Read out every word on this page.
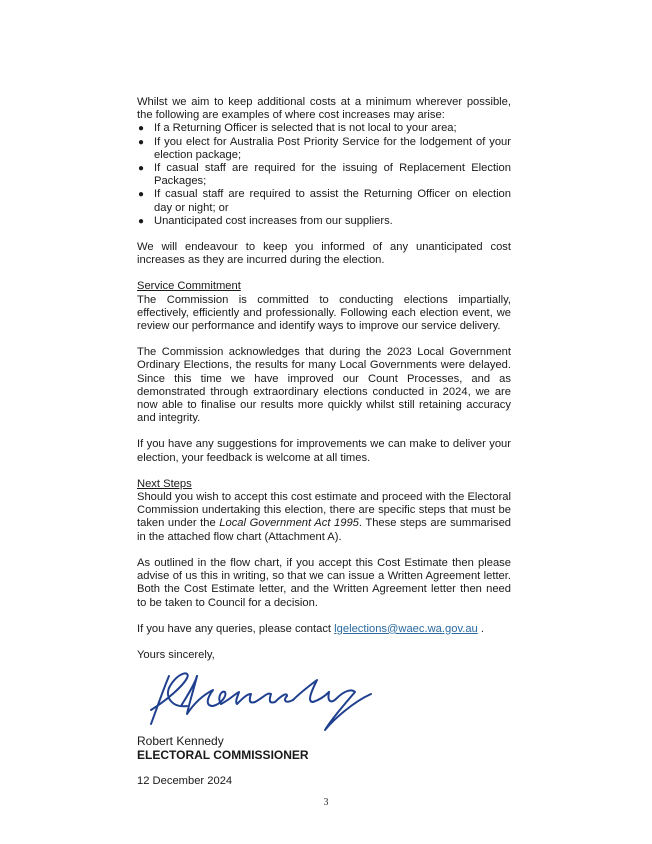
Whilst we aim to keep additional costs at a minimum wherever possible, the following are examples of where cost increases may arise:

● If a Returning Officer is selected that is not local to your area;
● If you elect for Australia Post Priority Service for the lodgement of your election package;
● If casual staff are required for the issuing of Replacement Election Packages;
● If casual staff are required to assist the Returning Officer on election day or night; or
● Unanticipated cost increases from our suppliers.

We will endeavour to keep you informed of any unanticipated cost increases as they are incurred during the election.

Service Commitment

The Commission is committed to conducting elections impartially, effectively, efficiently and professionally. Following each election event, we review our performance and identify ways to improve our service delivery.

The Commission acknowledges that during the 2023 Local Government Ordinary Elections, the results for many Local Governments were delayed. Since this time we have improved our Count Processes, and as demonstrated through extraordinary elections conducted in 2024, we are now able to finalise our results more quickly whilst still retaining accuracy and integrity.

If you have any suggestions for improvements we can make to deliver your election, your feedback is welcome at all times.

Next Steps

Should you wish to accept this cost estimate and proceed with the Electoral Commission undertaking this election, there are specific steps that must be taken under the Local Government Act 1995. These steps are summarised in the attached flow chart (Attachment A).

As outlined in the flow chart, if you accept this Cost Estimate then please advise of us this in writing, so that we can issue a Written Agreement letter. Both the Cost Estimate letter, and the Written Agreement letter then need to be taken to Council for a decision.

If you have any queries, please contact lgelections@waec.wa.gov.au .

Yours sincerely,

Robert Kennedy

ELECTORAL COMMISSIONER

12 December 2024

3
